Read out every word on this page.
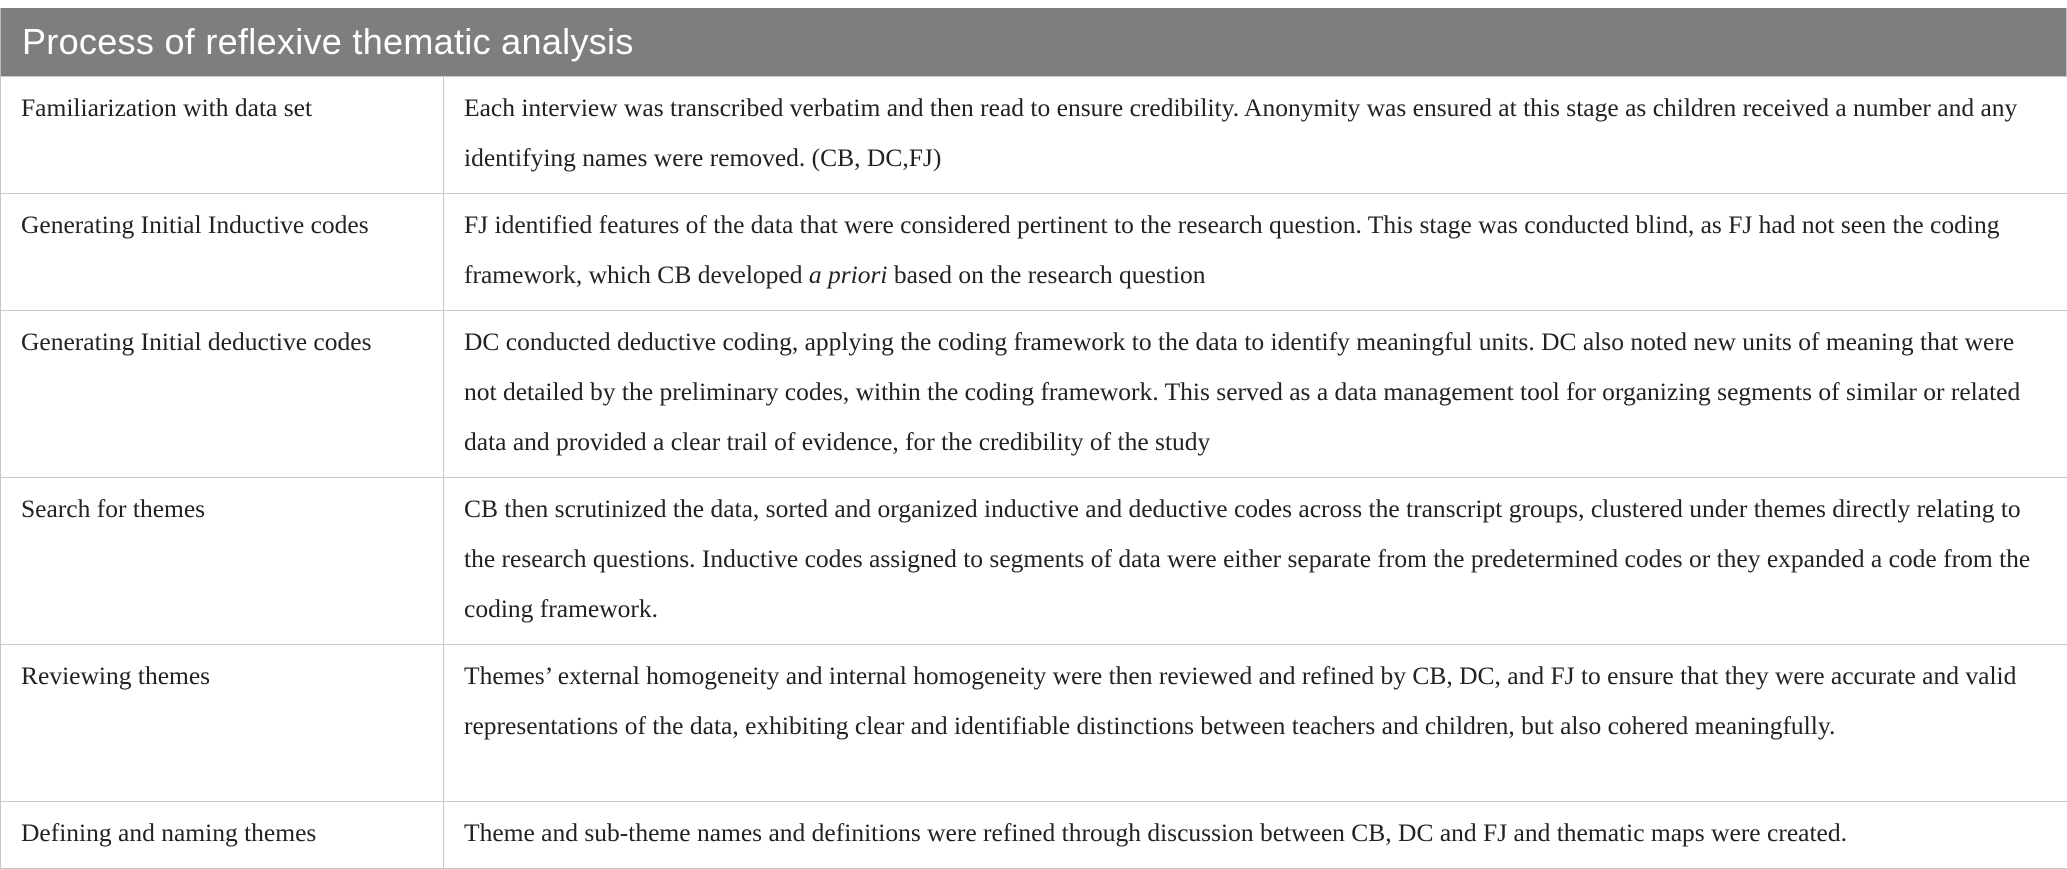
Process of reflexive thematic analysis
Familiarization with data set	Each interview was transcribed verbatim and then read to ensure credibility. Anonymity was ensured at this stage as children received a number and any identifying names were removed. (CB, DC,FJ)
Generating Initial Inductive codes	FJ identified features of the data that were considered pertinent to the research question. This stage was conducted blind, as FJ had not seen the coding framework, which CB developed a priori based on the research question
Generating Initial deductive codes	DC conducted deductive coding, applying the coding framework to the data to identify meaningful units. DC also noted new units of meaning that were not detailed by the preliminary codes, within the coding framework. This served as a data management tool for organizing segments of similar or related data and provided a clear trail of evidence, for the credibility of the study
Search for themes	CB then scrutinized the data, sorted and organized inductive and deductive codes across the transcript groups, clustered under themes directly relating to the research questions. Inductive codes assigned to segments of data were either separate from the predetermined codes or they expanded a code from the coding framework.
Reviewing themes	Themes’ external homogeneity and internal homogeneity were then reviewed and refined by CB, DC, and FJ to ensure that they were accurate and valid representations of the data, exhibiting clear and identifiable distinctions between teachers and children, but also cohered meaningfully.
Defining and naming themes	Theme and sub-theme names and definitions were refined through discussion between CB, DC and FJ and thematic maps were created.
